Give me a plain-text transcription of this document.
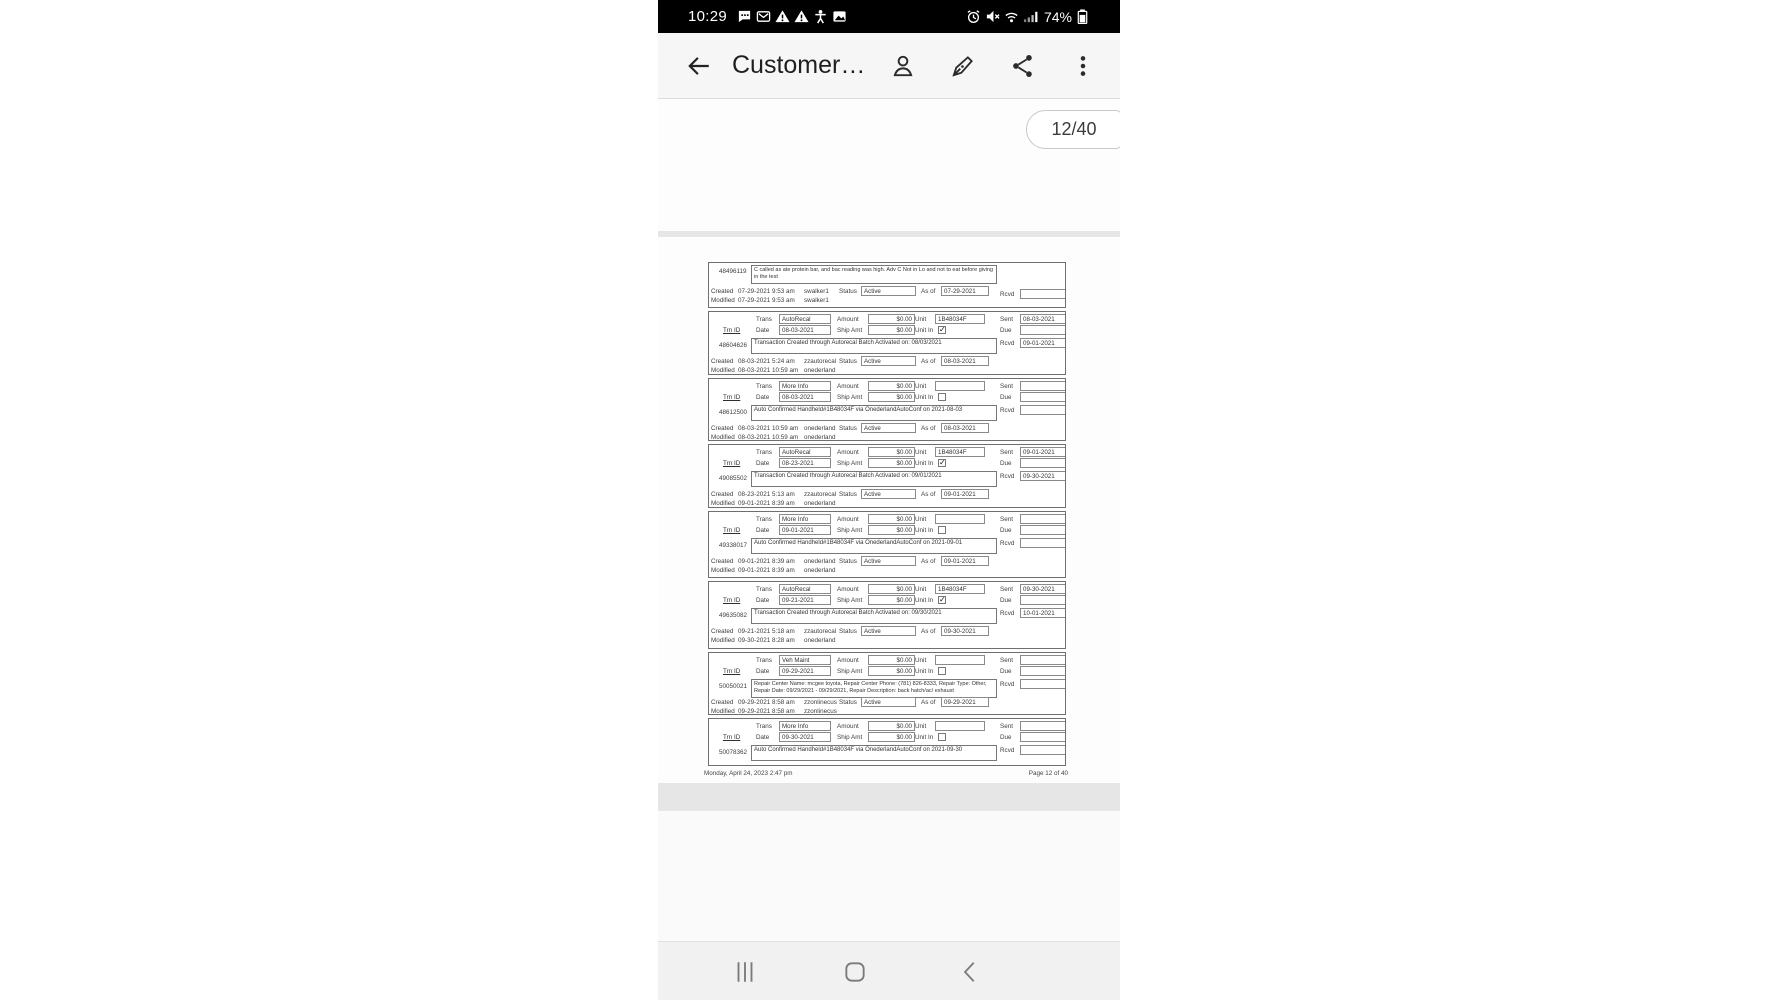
10:29	74%
Customer…
48496119	C called as ate protein bar, and bac reading was high. Adv C Not in Lo and not to eat before giving in the test
Rcvd
Created 07-29-2021 9:53 am swalker1 Status	Active	As of	07-29-2021
Modified 07-29-2021 9:53 am swalker1
Trans	AutoRecal	Amount	$0.00 Unit	1B48034F	Sent	08-03-2021
Trn ID Date	08-03-2021	Ship Amt	$0.00 Unit In ✓	Due
48604626	Transaction Created through Autorecal Batch Activated on: 08/03/2021	Rcvd	09-01-2021
Created 08-03-2021 5:24 am zzautorecal Status	Active	As of	08-03-2021
Modified 08-03-2021 10:59 am onederland
Trans	More Info	Amount	$0.00 Unit	Sent
Trn ID Date	08-03-2021	Ship Amt	$0.00 Unit In	Due
48612500	Auto Confirmed Handheld#1B48034F via OnederlandAutoConf on 2021-08-03	Rcvd
Created 08-03-2021 10:59 am onederland Status	Active	As of	08-03-2021
Modified 08-03-2021 10:59 am onederland
Trans	AutoRecal	Amount	$0.00 Unit	1B48034F	Sent	09-01-2021
Trn ID Date	08-23-2021	Ship Amt	$0.00 Unit In ✓	Due
49085502	Transaction Created through Autorecal Batch Activated on: 09/01/2021	Rcvd	09-30-2021
Created 08-23-2021 5:13 am zzautorecal Status	Active	As of	09-01-2021
Modified 09-01-2021 8:39 am onederland
Trans	More Info	Amount	$0.00 Unit	Sent
Trn ID Date	09-01-2021	Ship Amt	$0.00 Unit In	Due
49338017	Auto Confirmed Handheld#1B48034F via OnederlandAutoConf on 2021-09-01	Rcvd
Created 09-01-2021 8:39 am onederland Status	Active	As of	09-01-2021
Modified 09-01-2021 8:39 am onederland
Trans	AutoRecal	Amount	$0.00 Unit	1B48034F	Sent	09-30-2021
Trn ID Date	09-21-2021	Ship Amt	$0.00 Unit In ✓	Due
49635082	Transaction Created through Autorecal Batch Activated on: 09/30/2021	Rcvd	10-01-2021
Created 09-21-2021 5:18 am zzautorecal Status	Active	As of	09-30-2021
Modified 09-30-2021 8:28 am onederland
Trans	Veh Maint	Amount	$0.00 Unit	Sent
Trn ID Date	09-29-2021	Ship Amt	$0.00 Unit In	Due
50050021	Repair Center Name: mcgee toyota, Repair Center Phone: (781) 826-8333, Repair Type: Other, Repair Date: 09/29/2021 - 09/29/2021, Repair Description: back hatch/ac/ exhaust
Rcvd
Created 09-29-2021 8:58 am zzonlinecus Status	Active	As of	09-29-2021
Modified 09-29-2021 8:58 am zzonlinecus
Trans	More Info	Amount	$0.00 Unit	Sent
Trn ID Date	09-30-2021	Ship Amt	$0.00 Unit In	Due
50078362	Auto Confirmed Handheld#1B48034F via OnederlandAutoConf on 2021-09-30	Rcvd
Monday, April 24, 2023 2:47 pm	Page 12 of 40
12/40
